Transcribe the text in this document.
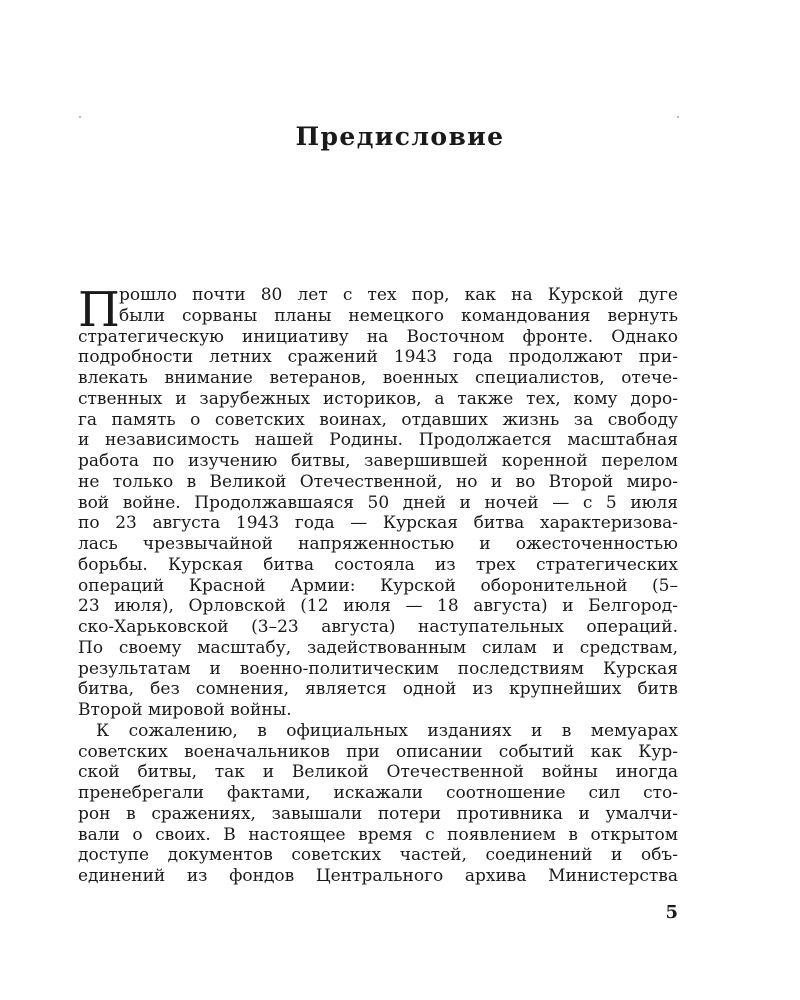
Предисловие
П рошло почти 80 лет с тех пор, как на Курской дуге
были сорваны планы немецкого командования вернуть
стратегическую инициативу на Восточном фронте. Однако
подробности летних сражений 1943 года продолжают при-
влекать внимание ветеранов, военных специалистов, отече-
ственных и зарубежных историков, а также тех, кому доро-
га память о советских воинах, отдавших жизнь за свободу
и независимость нашей Родины. Продолжается масштабная
работа по изучению битвы, завершившей коренной перелом
не только в Великой Отечественной, но и во Второй миро-
вой войне. Продолжавшаяся 50 дней и ночей — с 5 июля
по 23 августа 1943 года — Курская битва характеризова-
лась чрезвычайной напряженностью и ожесточенностью
борьбы. Курская битва состояла из трех стратегических
операций Красной Армии: Курской оборонительной (5–
23 июля), Орловской (12 июля — 18 августа) и Белгород-
ско-Харьковской (3–23 августа) наступательных операций.
По своему масштабу, задействованным силам и средствам,
результатам и военно-политическим последствиям Курская
битва, без сомнения, является одной из крупнейших битв
Второй мировой войны.
К сожалению, в официальных изданиях и в мемуарах
советских военачальников при описании событий как Кур-
ской битвы, так и Великой Отечественной войны иногда
пренебрегали фактами, искажали соотношение сил сто-
рон в сражениях, завышали потери противника и умалчи-
вали о своих. В настоящее время с появлением в открытом
доступе документов советских частей, соединений и объ-
единений из фондов Центрального архива Министерства
5
